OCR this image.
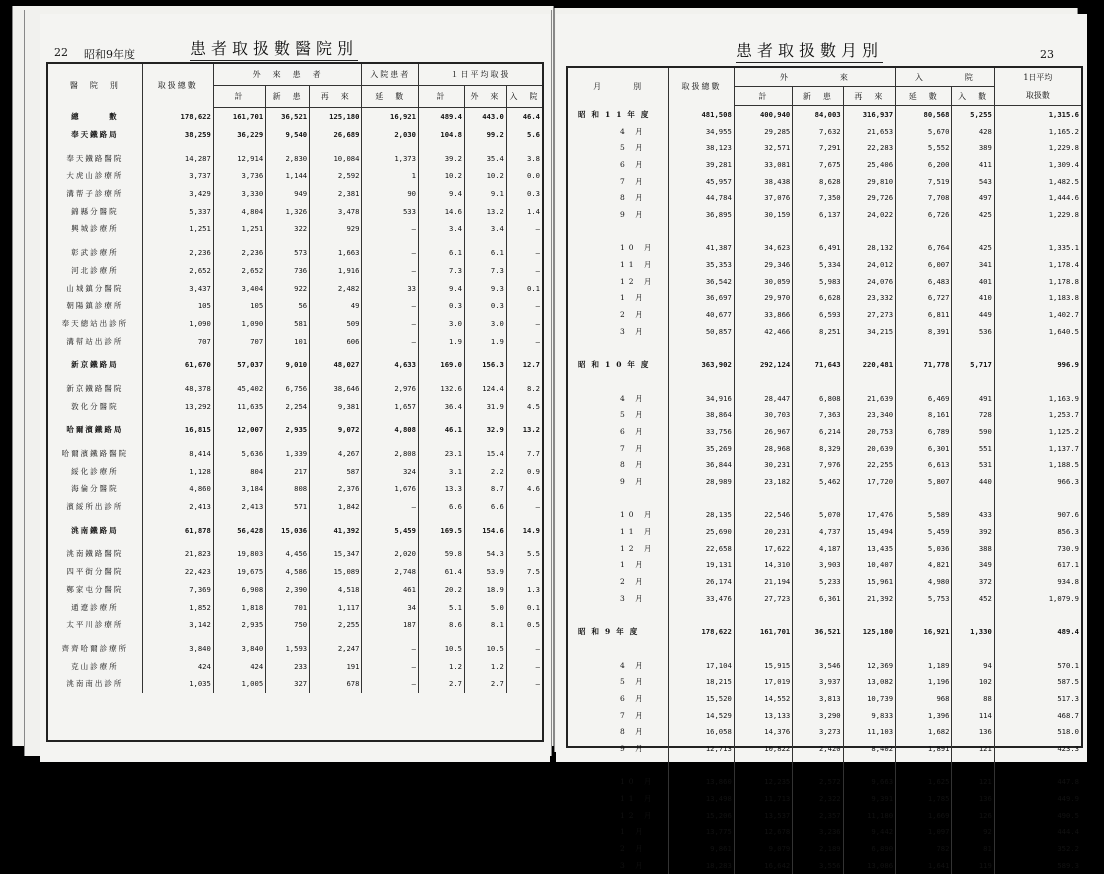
22 昭和9年度	患者取扱數醫院別
醫　院　別	取扱總數	外　來　患　者			入院患者	１日平均取扱		
		計	新　患	再　來	延　數	計	外　來	入　院
總　　　數	178,622	161,701	36,521	125,180	16,921	489.4	443.0	46.4
奉天鐵路局	38,259	36,229	9,540	26,689	2,030	104.8	99.2	5.6

奉天鐵路醫院	14,287	12,914	2,830	10,084	1,373	39.2	35.4	3.8
大虎山診療所	3,737	3,736	1,144	2,592	1	10.2	10.2	0.0
溝帮子診療所	3,429	3,330	949	2,381	90	9.4	9.1	0.3
錦縣分醫院	5,337	4,804	1,326	3,478	533	14.6	13.2	1.4
興城診療所	1,251	1,251	322	929	—	3.4	3.4	—

彰武診療所	2,236	2,236	573	1,663	—	6.1	6.1	—
河北診療所	2,652	2,652	736	1,916	—	7.3	7.3	—
山城鎮分醫院	3,437	3,404	922	2,482	33	9.4	9.3	0.1
朝陽鎮診療所	105	105	56	49	—	0.3	0.3	—
奉天總站出診所	1,090	1,090	581	509	—	3.0	3.0	—
溝幇站出診所	707	707	101	606	—	1.9	1.9	—

新京鐵路局	61,670	57,037	9,010	48,027	4,633	169.0	156.3	12.7

新京鐵路醫院	48,378	45,402	6,756	38,646	2,976	132.6	124.4	8.2
敦化分醫院	13,292	11,635	2,254	9,381	1,657	36.4	31.9	4.5

哈爾濱鐵路局	16,815	12,007	2,935	9,072	4,808	46.1	32.9	13.2

哈爾濱鐵路醫院	8,414	5,636	1,339	4,267	2,808	23.1	15.4	7.7
綏化診療所	1,128	804	217	587	324	3.1	2.2	0.9
海倫分醫院	4,860	3,184	808	2,376	1,676	13.3	8.7	4.6
濱綏所出診所	2,413	2,413	571	1,842	—	6.6	6.6	—

洮南鐵路局	61,878	56,428	15,036	41,392	5,459	169.5	154.6	14.9

洮南鐵路醫院	21,823	19,803	4,456	15,347	2,020	59.8	54.3	5.5
四平街分醫院	22,423	19,675	4,586	15,089	2,748	61.4	53.9	7.5
鄭家屯分醫院	7,369	6,908	2,390	4,518	461	20.2	18.9	1.3
通遼診療所	1,852	1,818	701	1,117	34	5.1	5.0	0.1
太平川診療所	3,142	2,935	750	2,255	187	8.6	8.1	0.5

齊齊哈爾診療所	3,840	3,840	1,593	2,247	—	10.5	10.5	—
克山診療所	424	424	233	191	—	1.2	1.2	—
洮南南出診所	1,035	1,005	327	678	—	2.7	2.7	—
患者取扱數月別	23
月　　　別	取扱總數	外　　　　　來			入　　　　院		1日平均
		計	新　患	再　來	延　數	入　數	取扱數
昭和11年度	481,508	400,940	84,003	316,937	80,568	5,255	1,315.6
4 月	34,955	29,285	7,632	21,653	5,670	428	1,165.2
5 月	38,123	32,571	7,291	22,283	5,552	389	1,229.8
6 月	39,281	33,081	7,675	25,406	6,200	411	1,309.4
7 月	45,957	38,438	8,628	29,810	7,519	543	1,482.5
8 月	44,784	37,076	7,350	29,726	7,708	497	1,444.6
9 月	36,895	30,159	6,137	24,022	6,726	425	1,229.8

10 月	41,387	34,623	6,491	28,132	6,764	425	1,335.1
11 月	35,353	29,346	5,334	24,012	6,007	341	1,178.4
12 月	36,542	30,059	5,983	24,076	6,483	401	1,178.8
1 月	36,697	29,970	6,628	23,332	6,727	410	1,183.8
2 月	40,677	33,866	6,593	27,273	6,811	449	1,402.7
3 月	50,857	42,466	8,251	34,215	8,391	536	1,640.5

昭和10年度	363,902	292,124	71,643	220,481	71,778	5,717	996.9

4 月	34,916	28,447	6,808	21,639	6,469	491	1,163.9
5 月	38,864	30,703	7,363	23,340	8,161	728	1,253.7
6 月	33,756	26,967	6,214	20,753	6,789	590	1,125.2
7 月	35,269	28,968	8,329	20,639	6,301	551	1,137.7
8 月	36,844	30,231	7,976	22,255	6,613	531	1,188.5
9 月	28,989	23,182	5,462	17,720	5,807	440	966.3

10 月	28,135	22,546	5,070	17,476	5,589	433	907.6
11 月	25,690	20,231	4,737	15,494	5,459	392	856.3
12 月	22,658	17,622	4,187	13,435	5,036	388	730.9
1 月	19,131	14,310	3,903	10,407	4,821	349	617.1
2 月	26,174	21,194	5,233	15,961	4,980	372	934.8
3 月	33,476	27,723	6,361	21,392	5,753	452	1,079.9

昭和9年度	178,622	161,701	36,521	125,180	16,921	1,330	489.4

4 月	17,104	15,915	3,546	12,369	1,189	94	570.1
5 月	18,215	17,019	3,937	13,082	1,196	102	587.5
6 月	15,520	14,552	3,813	10,739	968	88	517.3
7 月	14,529	13,133	3,290	9,833	1,396	114	468.7
8 月	16,058	14,376	3,273	11,103	1,682	136	518.0
9 月	12,713	10,822	2,420	8,402	1,891	121	423.3

10 月	13,860	12,235	2,572	9,663	1,625	121	447.8
11 月	13,498	11,713	2,322	9,391	1,785	136	449.9
12 月	15,206	13,537	2,357	11,180	1,669	126	490.5
1 月	13,775	12,678	3,236	9,442	1,097	92	444.4
2 月	9,861	9,079	2,189	6,890	782	81	352.2
3 月	18,283	16,642	3,556	13,086	1,641	119	589.3
